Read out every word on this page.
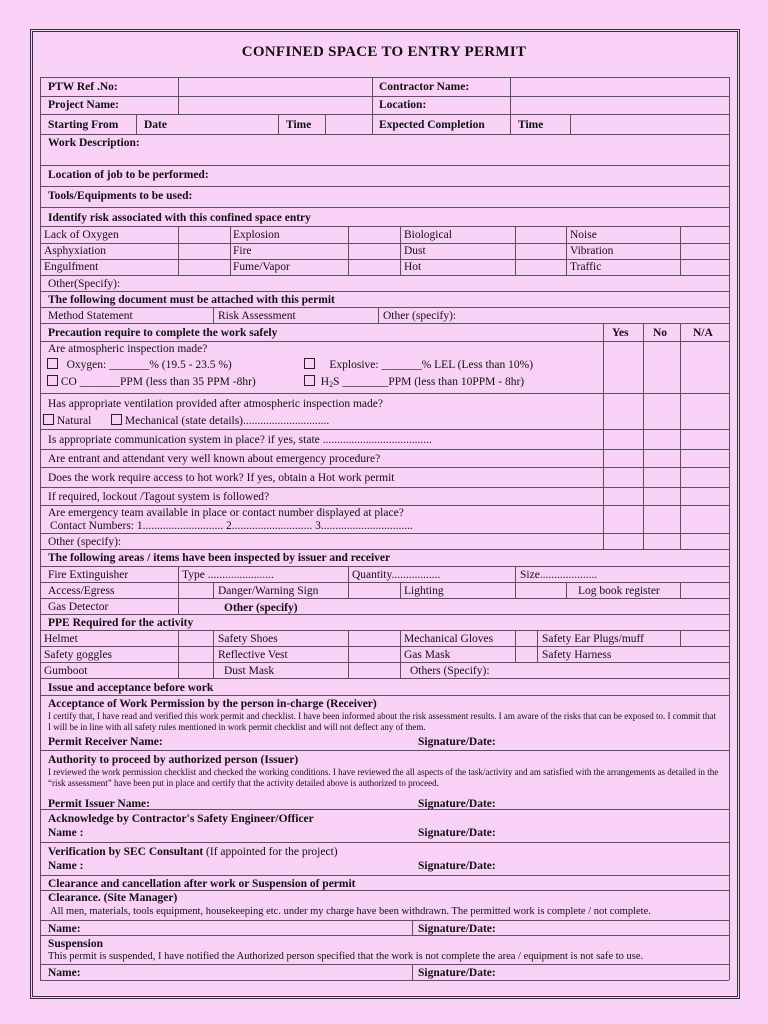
CONFINED SPACE TO ENTRY PERMIT
PTW Ref .No:	Contractor Name:
Project Name:	Location:
Starting From Date	Time	Expected Completion	Time
Work Description:
Location of job to be performed:
Tools/Equipments to be used:
Identify risk associated with this confined space entry
Lack of Oxygen	Explosion	Biological	Noise
Asphyxiation	Fire	Dust	Vibration
Engulfment	Fume/Vapor	Hot	Traffic
Other(Specify):
The following document must be attached with this permit
Method Statement	Risk Assessment	Other (specify):
Precaution require to complete the work safely	Yes No N/A
Are atmospheric inspection made?
Oxygen: _______% (19.5 - 23.5 %)	Explosive: _______% LEL (Less than 10%)
CO _______PPM (less than 35 PPM -8hr)	$H_2S$ ________PPM (less than 10PPM - 8hr)
Has appropriate ventilation provided after atmospheric inspection made?
Natural	Mechanical (state details)..............................
Is appropriate communication system in place? if yes, state ......................................
Are entrant and attendant very well known about emergency procedure?
Does the work require access to hot work? If yes, obtain a Hot work permit
If required, lockout /Tagout system is followed?
Are emergency team available in place or contact number displayed at place?
Contact Numbers: 1............................ 2............................ 3................................
Other (specify):
The following areas / items have been inspected by issuer and receiver
Fire Extinguisher	Type .......................	Quantity.................	Size....................
Access/Egress	Danger/Warning Sign	Lighting	Log book register
Gas Detector	Other (specify)
PPE Required for the activity
Helmet	Safety Shoes	Mechanical Gloves	Safety Ear Plugs/muff
Safety goggles	Reflective Vest	Gas Mask	Safety Harness
Gumboot	Dust Mask	Others (Specify):
Issue and acceptance before work
Acceptance of Work Permission by the person in-charge (Receiver)
I certify that, I have read and verified this work permit and checklist. I have been informed about the risk assessment results. I am aware of the risks that can be exposed to. I commit that I will be in line with all safety rules mentioned in work permit checklist and will not deflect any of them.
Permit Receiver Name:	Signature/Date:
Authority to proceed by authorized person (Issuer)
I reviewed the work permission checklist and checked the working conditions. I have reviewed the all aspects of the task/activity and am satisfied with the arrangements as detailed in the “risk assessment” have been put in place and certify that the activity detailed above is authorized to proceed.
Permit Issuer Name:	Signature/Date:
Acknowledge by Contractor's Safety Engineer/Officer
Name :	Signature/Date:
Verification by SEC Consultant (If appointed for the project)
Name :	Signature/Date:
Clearance and cancellation after work or Suspension of permit
Clearance. (Site Manager)
All men, materials, tools equipment, housekeeping etc. under my charge have been withdrawn. The permitted work is complete / not complete.
Name:	Signature/Date:
Suspension
This permit is suspended, I have notified the Authorized person specified that the work is not complete the area / equipment is not safe to use.
Name:	Signature/Date:
